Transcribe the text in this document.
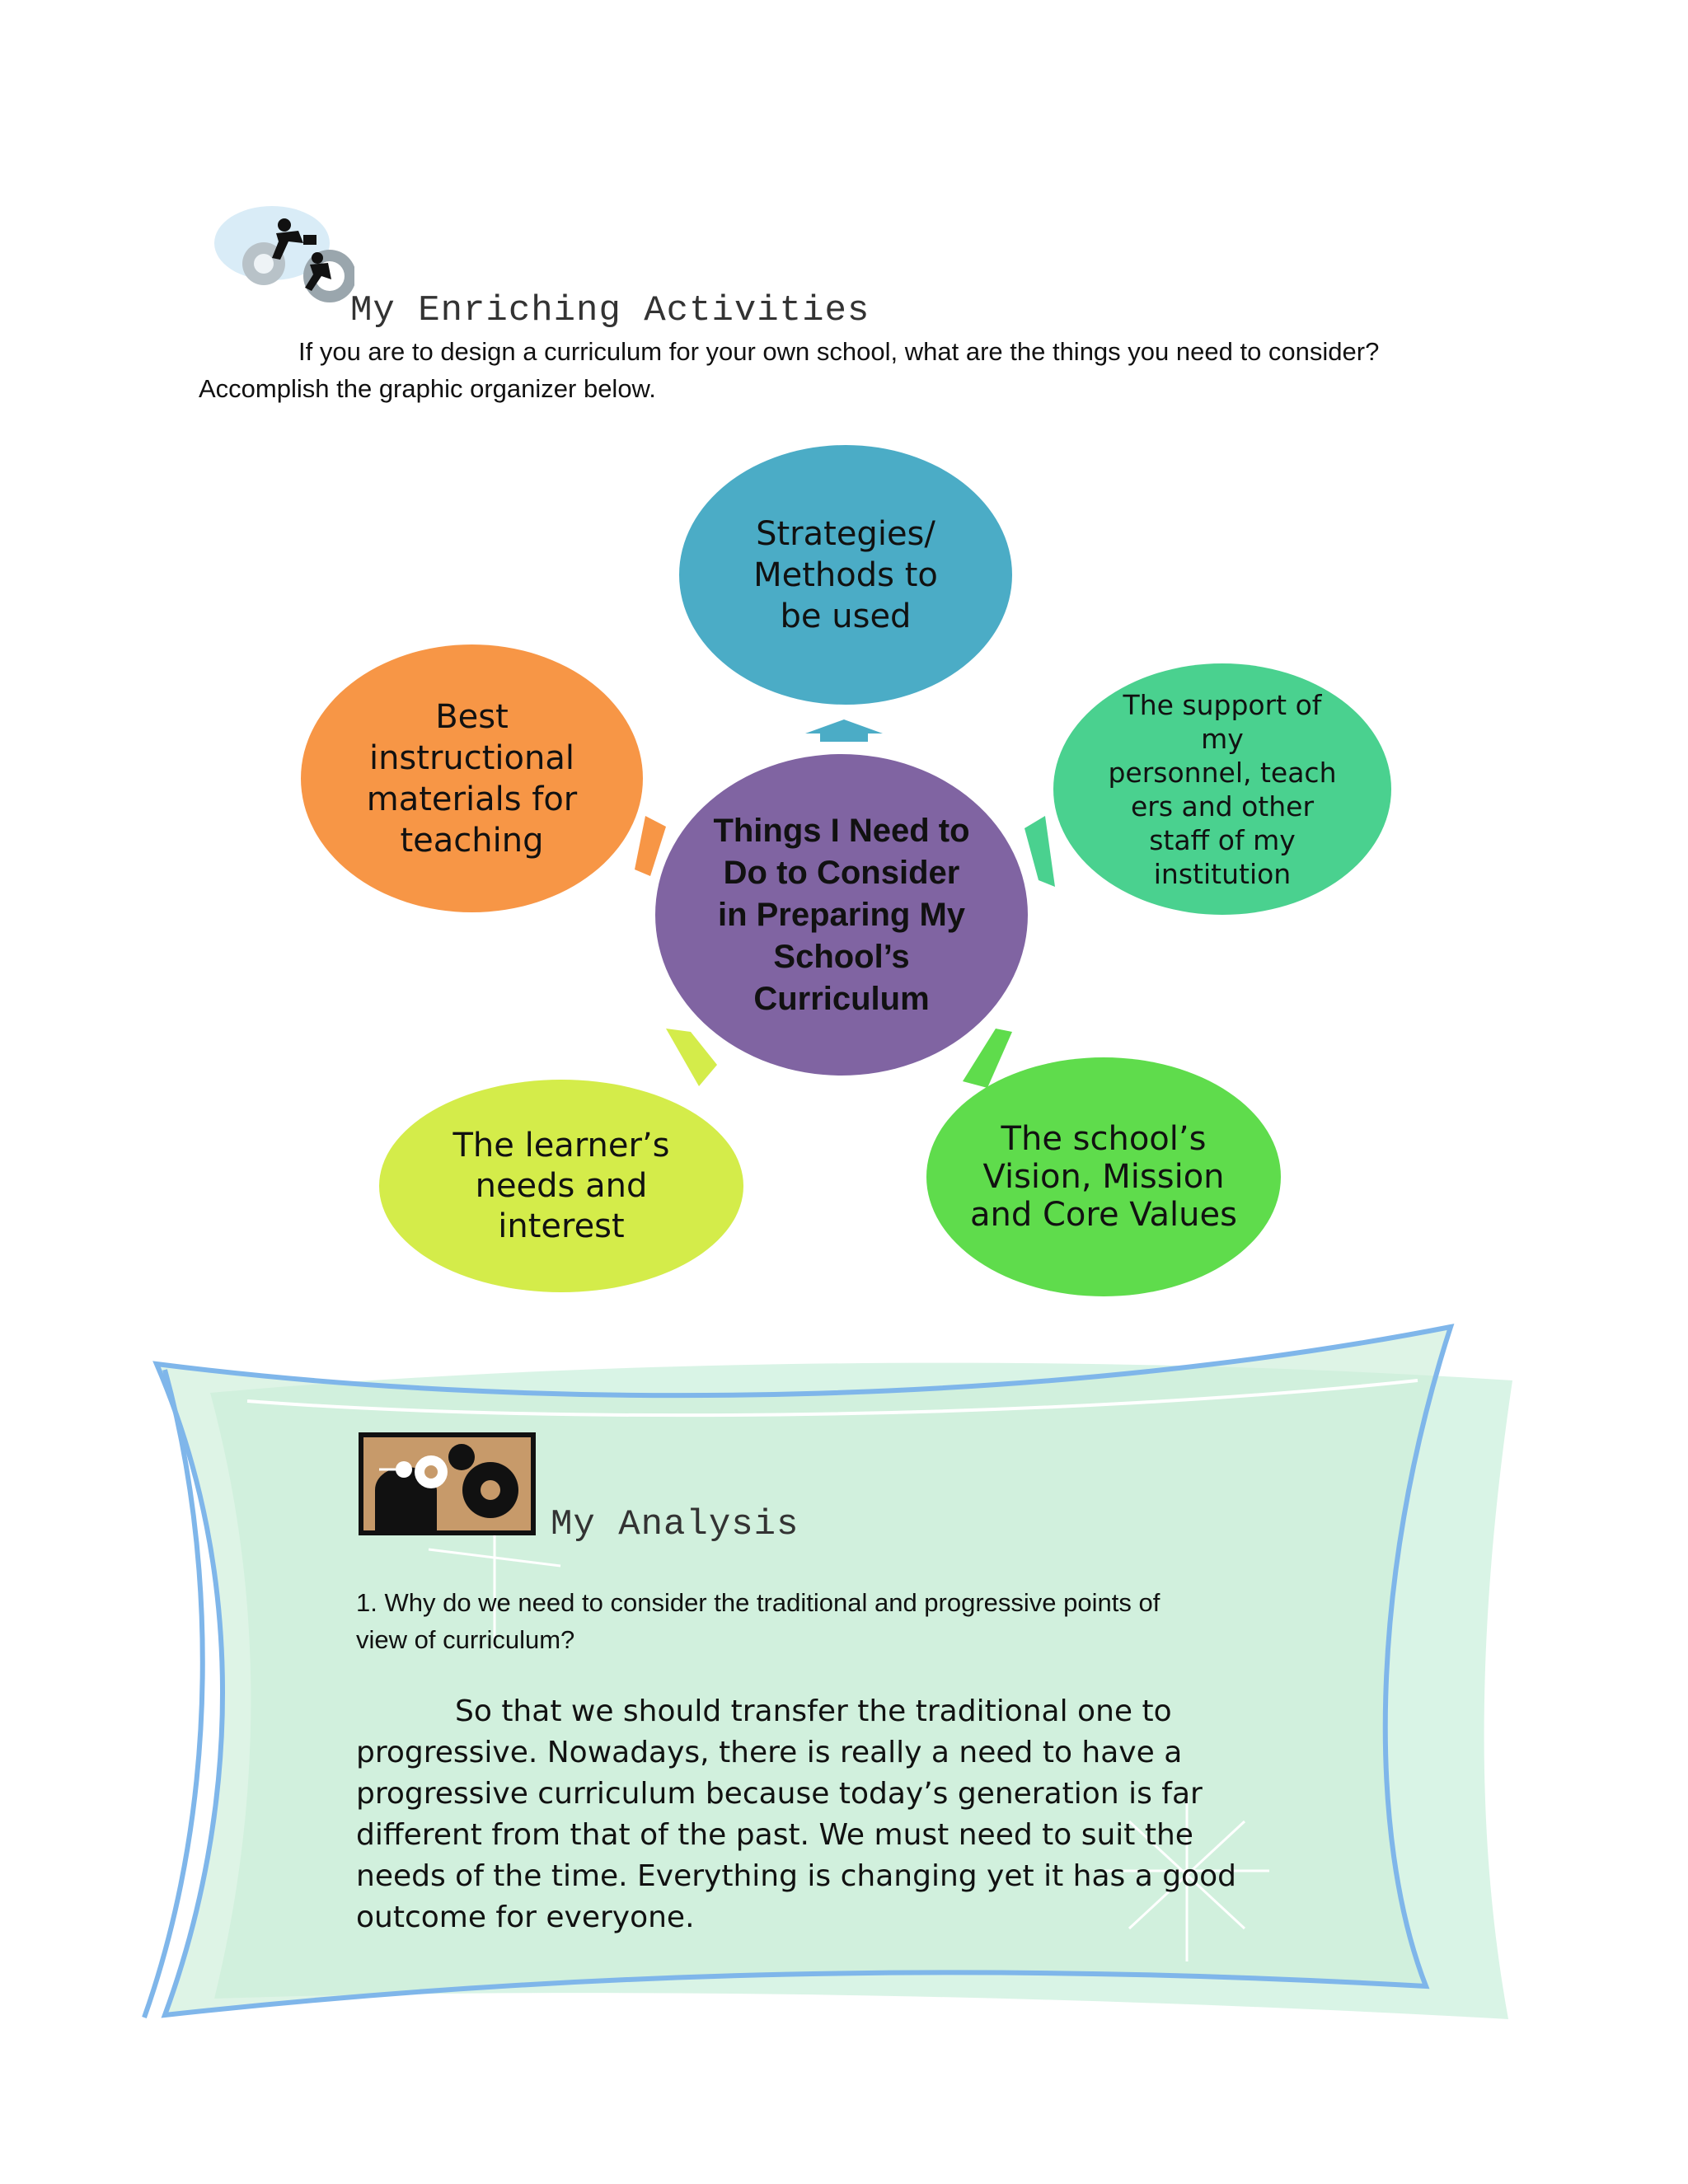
My Enriching Activities
If you are to design a curriculum for your own school, what are the things you need to consider?
Accomplish the graphic organizer below.
Strategies/
Methods to
be used
Best
instructional
materials for
teaching
The support of
my
personnel, teach
ers and other
staff of my
institution
Things I Need to
Do to Consider
in Preparing My
School’s
Curriculum
The learner’s
needs and
interest
The school’s
Vision, Mission
and Core Values
My Analysis
1. Why do we need to consider the traditional and progressive points of
view of curriculum?
So that we should transfer the traditional one to
progressive. Nowadays, there is really a need to have a
progressive curriculum because today’s generation is far
different from that of the past. We must need to suit the
needs of the time. Everything is changing yet it has a good
outcome for everyone.
